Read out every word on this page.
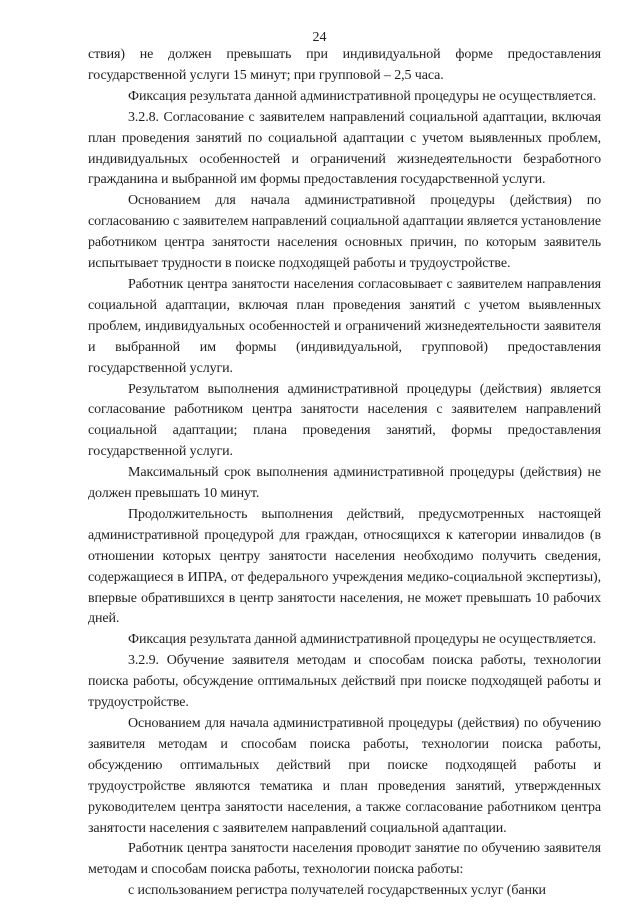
24

ствия) не должен превышать при индивидуальной форме предоставления государственной услуги 15 минут; при групповой – 2,5 часа.

Фиксация результата данной административной процедуры не осуществляется.

3.2.8. Согласование с заявителем направлений социальной адаптации, включая план проведения занятий по социальной адаптации с учетом выявленных проблем, индивидуальных особенностей и ограничений жизнедеятельности безработного гражданина и выбранной им формы предоставления государственной услуги.

Основанием для начала административной процедуры (действия) по согласованию с заявителем направлений социальной адаптации является установление работником центра занятости населения основных причин, по которым заявитель испытывает трудности в поиске подходящей работы и трудоустройстве.

Работник центра занятости населения согласовывает с заявителем направления социальной адаптации, включая план проведения занятий с учетом выявленных проблем, индивидуальных особенностей и ограничений жизнедеятельности заявителя и выбранной им формы (индивидуальной, групповой) предоставления государственной услуги.

Результатом выполнения административной процедуры (действия) является согласование работником центра занятости населения с заявителем направлений социальной адаптации; плана проведения занятий, формы предоставления государственной услуги.

Максимальный срок выполнения административной процедуры (действия) не должен превышать 10 минут.

Продолжительность выполнения действий, предусмотренных настоящей административной процедурой для граждан, относящихся к категории инвалидов (в отношении которых центру занятости населения необходимо получить сведения, содержащиеся в ИПРА, от федерального учреждения медико-социальной экспертизы), впервые обратившихся в центр занятости населения, не может превышать 10 рабочих дней.

Фиксация результата данной административной процедуры не осуществляется.

3.2.9. Обучение заявителя методам и способам поиска работы, технологии поиска работы, обсуждение оптимальных действий при поиске подходящей работы и трудоустройстве.

Основанием для начала административной процедуры (действия) по обучению заявителя методам и способам поиска работы, технологии поиска работы, обсуждению оптимальных действий при поиске подходящей работы и трудоустройстве являются тематика и план проведения занятий, утвержденных руководителем центра занятости населения, а также согласование работником центра занятости населения с заявителем направлений социальной адаптации.

Работник центра занятости населения проводит занятие по обучению заявителя методам и способам поиска работы, технологии поиска работы:

с использованием регистра получателей государственных услуг (банки
